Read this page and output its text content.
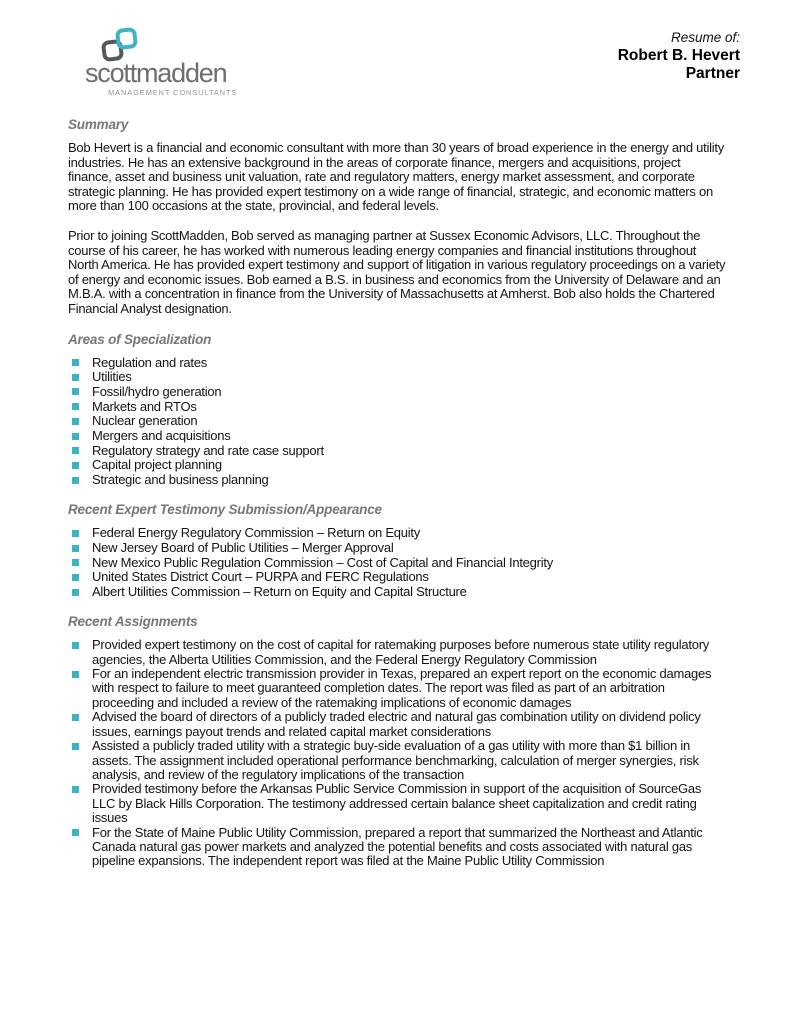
scottmadden
MANAGEMENT CONSULTANTS
Resume of:
Robert B. Hevert
Partner
Summary

Bob Hevert is a financial and economic consultant with more than 30 years of broad experience in the energy and utility industries. He has an extensive background in the areas of corporate finance, mergers and acquisitions, project finance, asset and business unit valuation, rate and regulatory matters, energy market assessment, and corporate strategic planning. He has provided expert testimony on a wide range of financial, strategic, and economic matters on more than 100 occasions at the state, provincial, and federal levels.

Prior to joining ScottMadden, Bob served as managing partner at Sussex Economic Advisors, LLC. Throughout the course of his career, he has worked with numerous leading energy companies and financial institutions throughout North America. He has provided expert testimony and support of litigation in various regulatory proceedings on a variety of energy and economic issues. Bob earned a B.S. in business and economics from the University of Delaware and an M.B.A. with a concentration in finance from the University of Massachusetts at Amherst. Bob also holds the Chartered Financial Analyst designation.

Areas of Specialization
Regulation and rates
Utilities
Fossil/hydro generation
Markets and RTOs
Nuclear generation
Mergers and acquisitions
Regulatory strategy and rate case support
Capital project planning
Strategic and business planning
Recent Expert Testimony Submission/Appearance
Federal Energy Regulatory Commission – Return on Equity
New Jersey Board of Public Utilities – Merger Approval
New Mexico Public Regulation Commission – Cost of Capital and Financial Integrity
United States District Court – PURPA and FERC Regulations
Albert Utilities Commission – Return on Equity and Capital Structure
Recent Assignments
Provided expert testimony on the cost of capital for ratemaking purposes before numerous state utility regulatory agencies, the Alberta Utilities Commission, and the Federal Energy Regulatory Commission
For an independent electric transmission provider in Texas, prepared an expert report on the economic damages with respect to failure to meet guaranteed completion dates. The report was filed as part of an arbitration proceeding and included a review of the ratemaking implications of economic damages
Advised the board of directors of a publicly traded electric and natural gas combination utility on dividend policy issues, earnings payout trends and related capital market considerations
Assisted a publicly traded utility with a strategic buy-side evaluation of a gas utility with more than $1 billion in assets. The assignment included operational performance benchmarking, calculation of merger synergies, risk analysis, and review of the regulatory implications of the transaction
Provided testimony before the Arkansas Public Service Commission in support of the acquisition of SourceGas LLC by Black Hills Corporation. The testimony addressed certain balance sheet capitalization and credit rating issues
For the State of Maine Public Utility Commission, prepared a report that summarized the Northeast and Atlantic Canada natural gas power markets and analyzed the potential benefits and costs associated with natural gas pipeline expansions. The independent report was filed at the Maine Public Utility Commission
